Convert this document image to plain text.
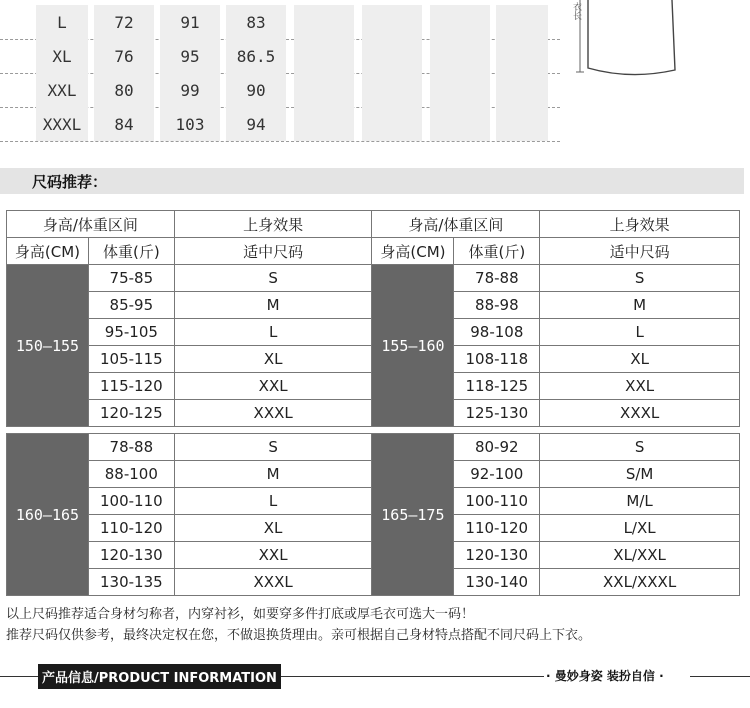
L	72	91	83
XL	76	95	86.5
XXL	80	99	90
XXXL	84	103	94
衣长
尺码推荐：
身高/体重区间		上身效果	身高/体重区间		上身效果
身高(CM)	体重(斤)	适中尺码	身高(CM)	体重(斤)	适中尺码
150–155	75-85	S	155–160	78-88	S
	85-95	M		88-98	M
	95-105	L		98-108	L
	105-115	XL		108-118	XL
	115-120	XXL		118-125	XXL
	120-125	XXXL		125-130	XXXL
160–165	78-88	S	165–175	80-92	S
	88-100	M		92-100	S/M
	100-110	L		100-110	M/L
	110-120	XL		110-120	L/XL
	120-130	XXL		120-130	XL/XXL
	130-135	XXXL		130-140	XXL/XXXL
以上尺码推荐适合身材匀称者，内穿衬衫，如要穿多件打底或厚毛衣可选大一码！
推荐尺码仅供参考，最终决定权在您，不做退换货理由。亲可根据自己身材特点搭配不同尺码上下衣。
产品信息/PRODUCT INFORMATION	· 曼妙身姿 装扮自信 ·
